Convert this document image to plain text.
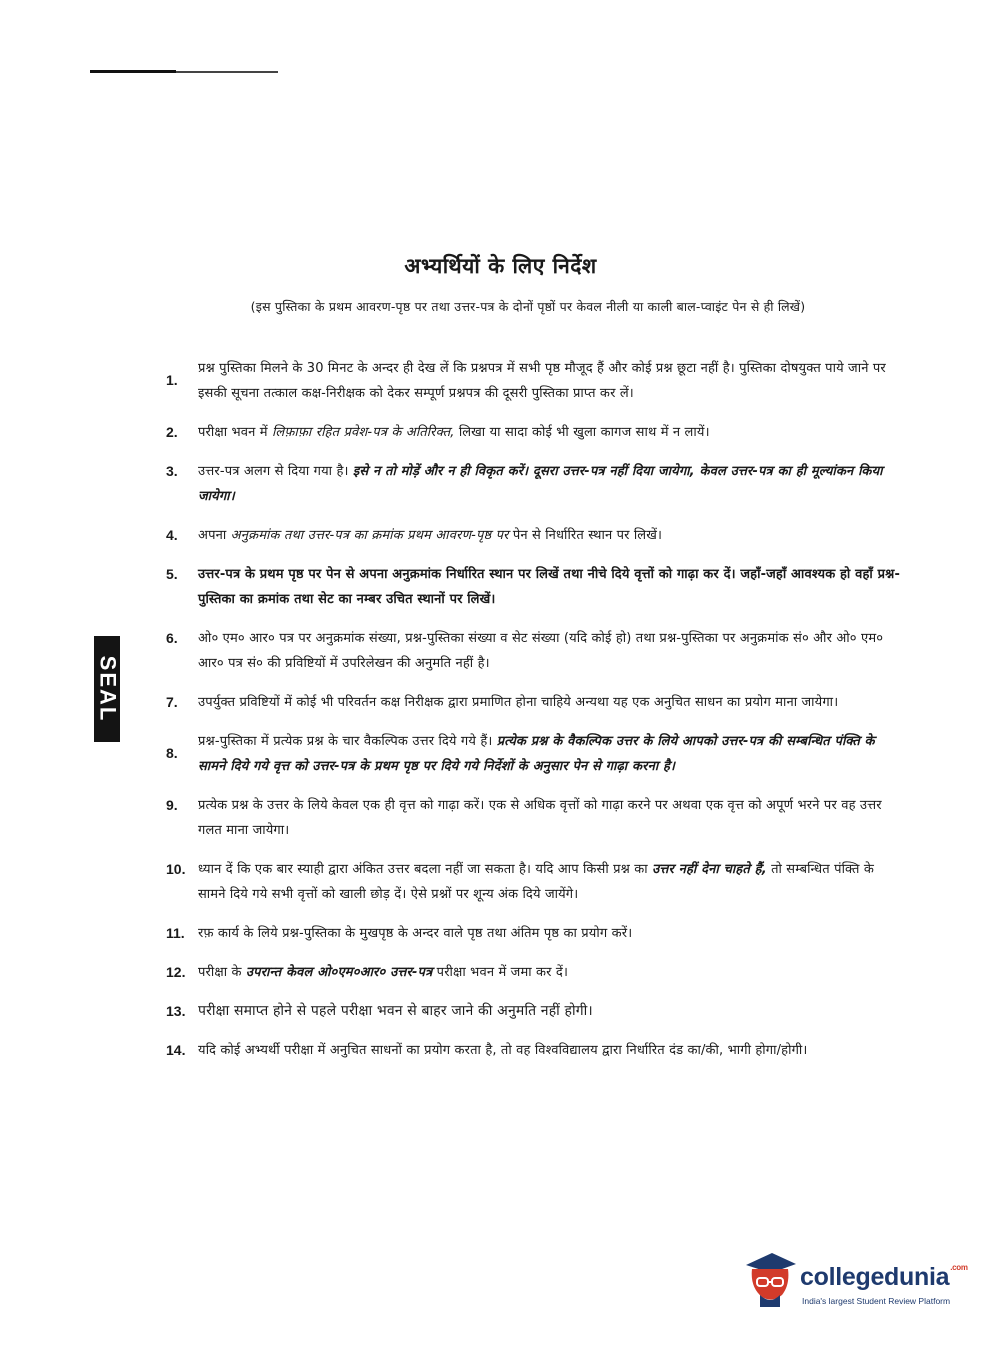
अभ्यर्थियों के लिए निर्देश
(इस पुस्तिका के प्रथम आवरण-पृष्ठ पर तथा उत्तर-पत्र के दोनों पृष्ठों पर केवल नीली या काली बाल-प्वाइंट पेन से ही लिखें)
1.
प्रश्न पुस्तिका मिलने के 30 मिनट के अन्दर ही देख लें कि प्रश्नपत्र में सभी पृष्ठ मौजूद हैं और कोई प्रश्न छूटा नहीं है। पुस्तिका दोषयुक्त पाये जाने पर इसकी सूचना तत्काल कक्ष-निरीक्षक को देकर सम्पूर्ण प्रश्नपत्र की दूसरी पुस्तिका प्राप्त कर लें।
2.	परीक्षा भवन में लिफ़ाफ़ा रहित प्रवेश-पत्र के अतिरिक्त, लिखा या सादा कोई भी खुला कागज साथ में न लायें।
3.	उत्तर-पत्र अलग से दिया गया है। इसे न तो मोड़ें और न ही विकृत करें। दूसरा उत्तर-पत्र नहीं दिया जायेगा, केवल उत्तर-पत्र का ही मूल्यांकन किया जायेगा।
4.	अपना अनुक्रमांक तथा उत्तर-पत्र का क्रमांक प्रथम आवरण-पृष्ठ पर पेन से निर्धारित स्थान पर लिखें।
5.	उत्तर-पत्र के प्रथम पृष्ठ पर पेन से अपना अनुक्रमांक निर्धारित स्थान पर लिखें तथा नीचे दिये वृत्तों को गाढ़ा कर दें। जहाँ-जहाँ आवश्यक हो वहाँ प्रश्न-पुस्तिका का क्रमांक तथा सेट का नम्बर उचित स्थानों पर लिखें।
6.	ओ० एम० आर० पत्र पर अनुक्रमांक संख्या, प्रश्न-पुस्तिका संख्या व सेट संख्या (यदि कोई हो) तथा प्रश्न-पुस्तिका पर अनुक्रमांक सं० और ओ० एम० आर० पत्र सं० की प्रविष्टियों में उपरिलेखन की अनुमति नहीं है।
7.	उपर्युक्त प्रविष्टियों में कोई भी परिवर्तन कक्ष निरीक्षक द्वारा प्रमाणित होना चाहिये अन्यथा यह एक अनुचित साधन का प्रयोग माना जायेगा।
8.
प्रश्न-पुस्तिका में प्रत्येक प्रश्न के चार वैकल्पिक उत्तर दिये गये हैं। प्रत्येक प्रश्न के वैकल्पिक उत्तर के लिये आपको उत्तर-पत्र की सम्बन्धित पंक्ति के सामने दिये गये वृत्त को उत्तर-पत्र के प्रथम पृष्ठ पर दिये गये निर्देशों के अनुसार पेन से गाढ़ा करना है।
9.	प्रत्येक प्रश्न के उत्तर के लिये केवल एक ही वृत्त को गाढ़ा करें। एक से अधिक वृत्तों को गाढ़ा करने पर अथवा एक वृत्त को अपूर्ण भरने पर वह उत्तर गलत माना जायेगा।
10. ध्यान दें कि एक बार स्याही द्वारा अंकित उत्तर बदला नहीं जा सकता है। यदि आप किसी प्रश्न का उत्तर नहीं देना चाहते हैं, तो सम्बन्धित पंक्ति के सामने दिये गये सभी वृत्तों को खाली छोड़ दें। ऐसे प्रश्नों पर शून्य अंक दिये जायेंगे।
11.	रफ़ कार्य के लिये प्रश्न-पुस्तिका के मुखपृष्ठ के अन्दर वाले पृष्ठ तथा अंतिम पृष्ठ का प्रयोग करें।
12. परीक्षा के उपरान्त केवल ओ०एम०आर० उत्तर-पत्र परीक्षा भवन में जमा कर दें।
13. परीक्षा समाप्त होने से पहले परीक्षा भवन से बाहर जाने की अनुमति नहीं होगी।
14. यदि कोई अभ्यर्थी परीक्षा में अनुचित साधनों का प्रयोग करता है, तो वह विश्वविद्यालय द्वारा निर्धारित दंड का/की, भागी होगा/होगी।
SEAL
collegedunia$^{.com}$
India's largest Student Review Platform
